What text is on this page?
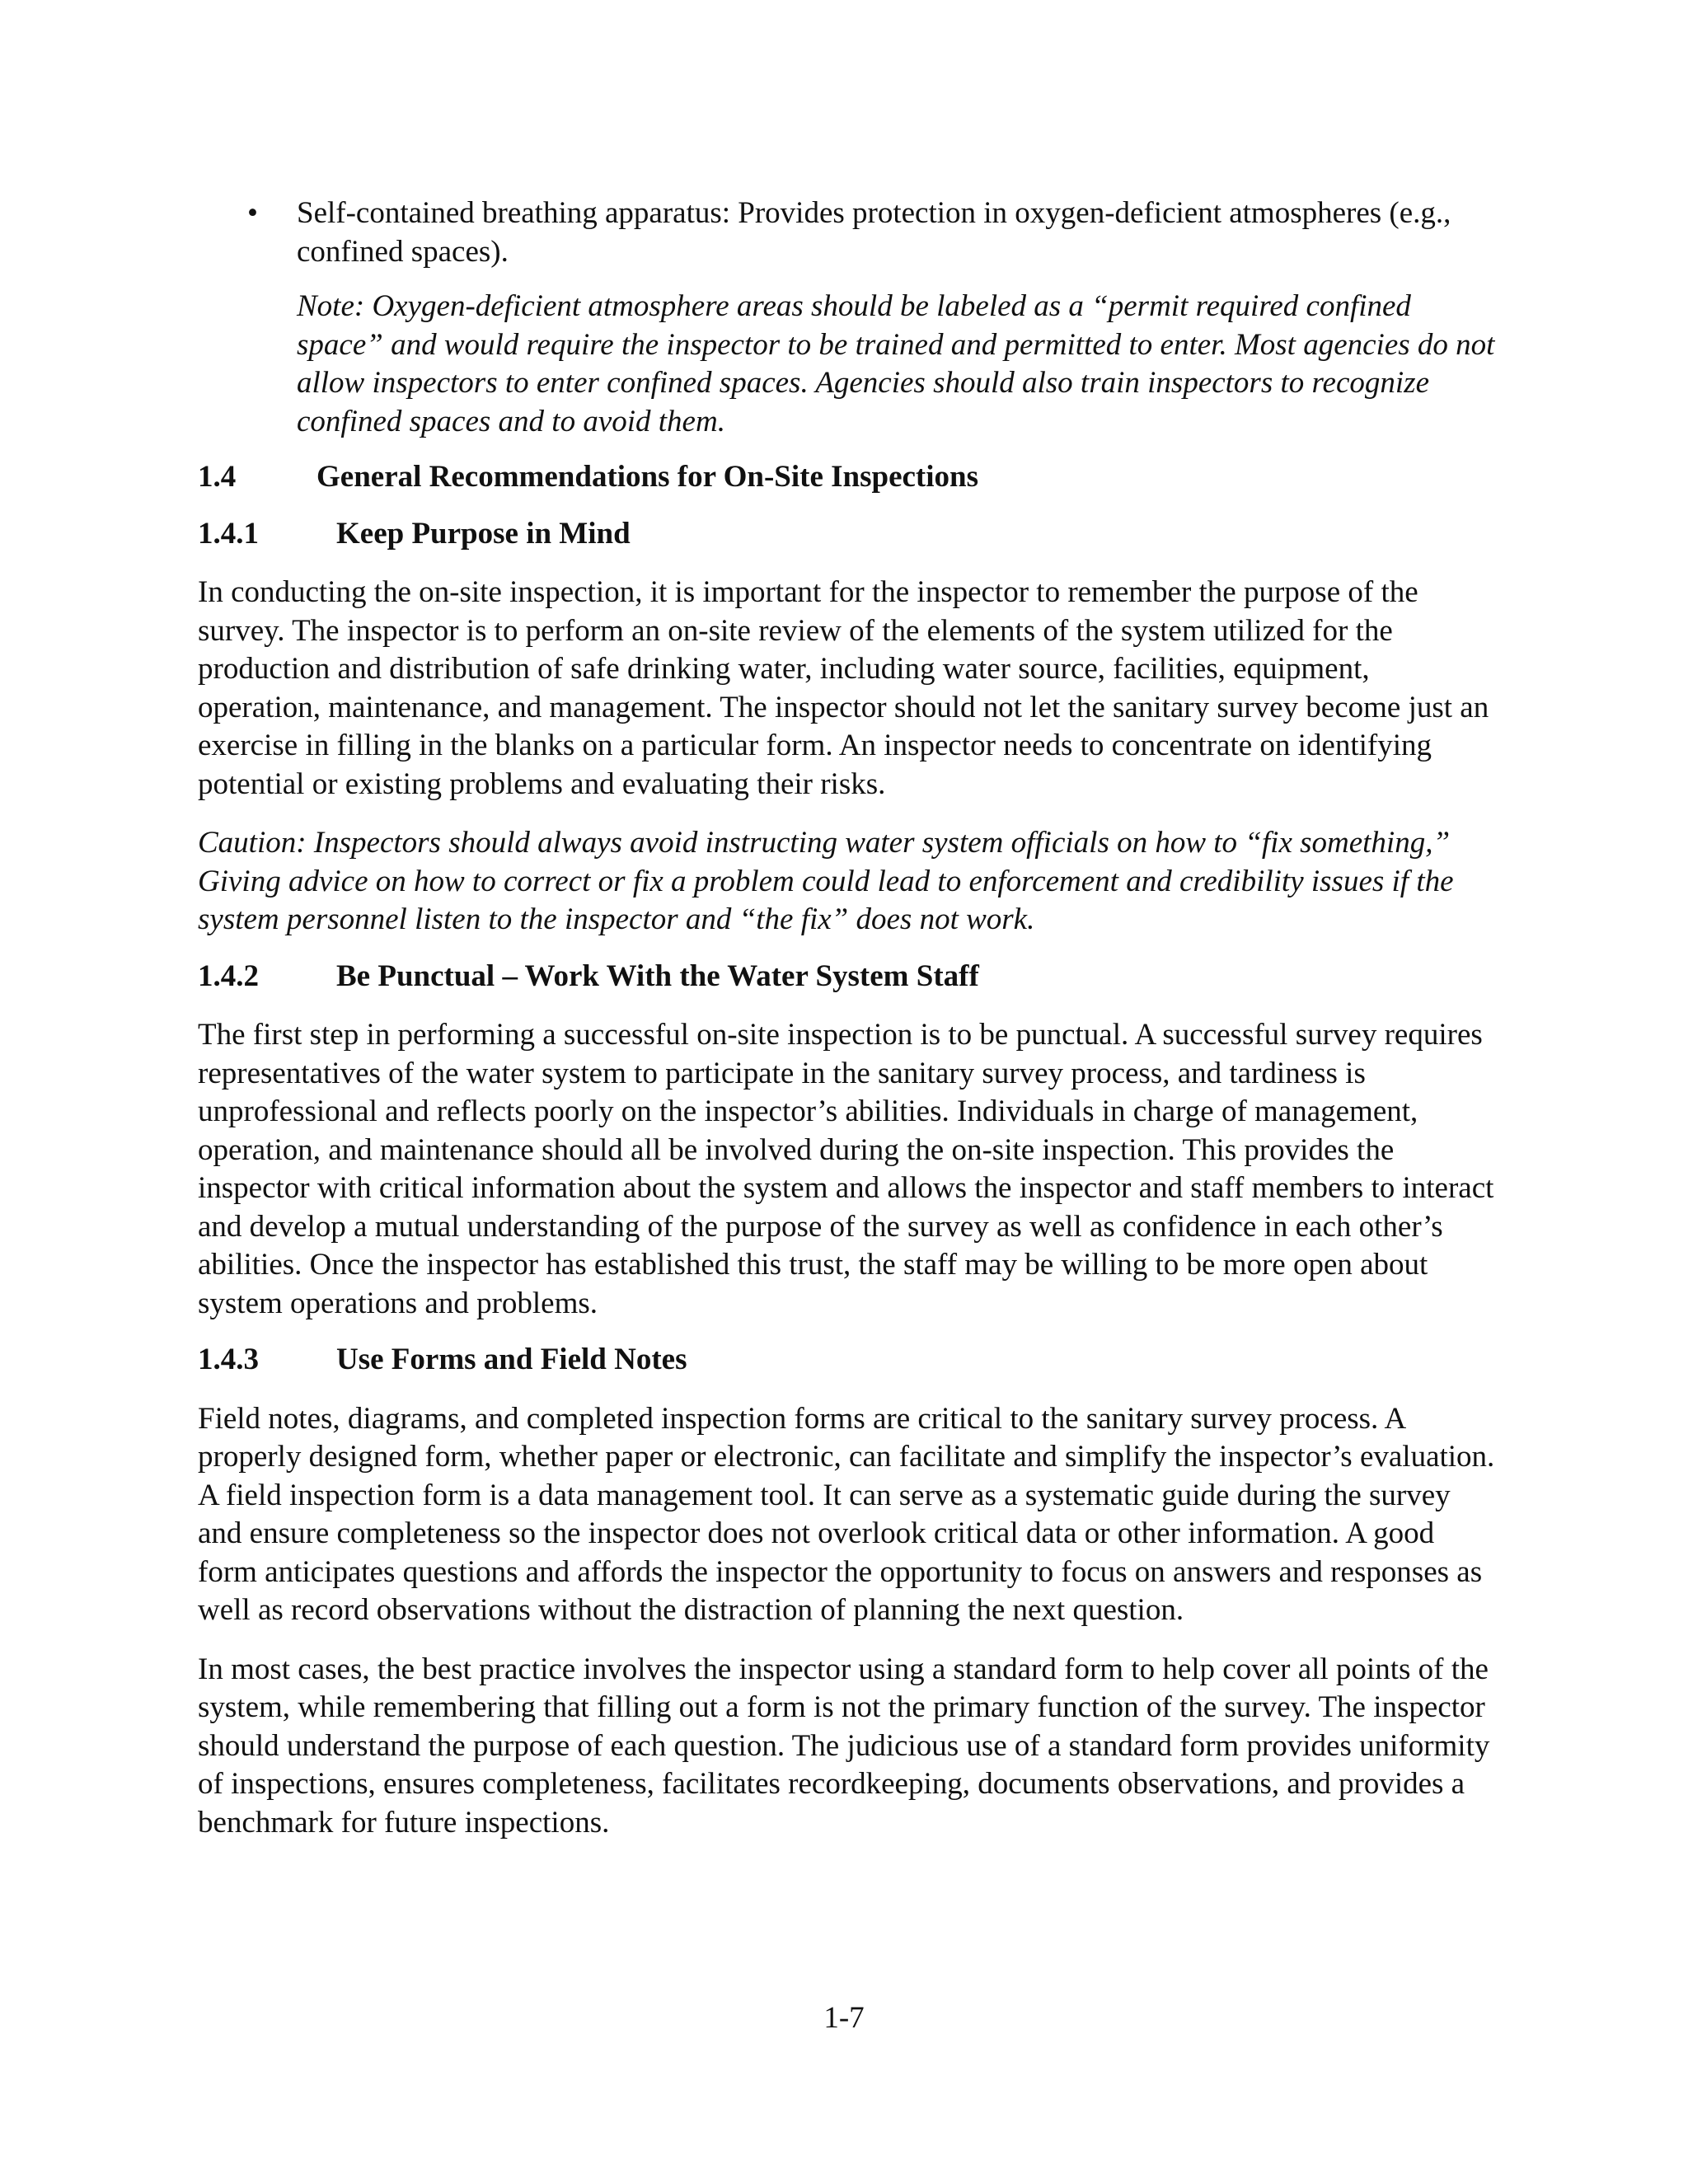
• Self-contained breathing apparatus: Provides protection in oxygen-deficient atmospheres (e.g., confined spaces).

Note: Oxygen-deficient atmosphere areas should be labeled as a “permit required confined space” and would require the inspector to be trained and permitted to enter. Most agencies do not allow inspectors to enter confined spaces. Agencies should also train inspectors to recognize confined spaces and to avoid them.

1.4	General Recommendations for On-Site Inspections
1.4.1	Keep Purpose in Mind

In conducting the on-site inspection, it is important for the inspector to remember the purpose of the survey. The inspector is to perform an on-site review of the elements of the system utilized for the production and distribution of safe drinking water, including water source, facilities, equipment, operation, maintenance, and management. The inspector should not let the sanitary survey become just an exercise in filling in the blanks on a particular form. An inspector needs to concentrate on identifying potential or existing problems and evaluating their risks.

Caution: Inspectors should always avoid instructing water system officials on how to “fix something,” Giving advice on how to correct or fix a problem could lead to enforcement and credibility issues if the system personnel listen to the inspector and “the fix” does not work.

1.4.2	Be Punctual – Work With the Water System Staff

The first step in performing a successful on-site inspection is to be punctual. A successful survey requires representatives of the water system to participate in the sanitary survey process, and tardiness is unprofessional and reflects poorly on the inspector’s abilities. Individuals in charge of management, operation, and maintenance should all be involved during the on-site inspection. This provides the inspector with critical information about the system and allows the inspector and staff members to interact and develop a mutual understanding of the purpose of the survey as well as confidence in each other’s abilities. Once the inspector has established this trust, the staff may be willing to be more open about system operations and problems.

1.4.3	Use Forms and Field Notes

Field notes, diagrams, and completed inspection forms are critical to the sanitary survey process. A properly designed form, whether paper or electronic, can facilitate and simplify the inspector’s evaluation. A field inspection form is a data management tool. It can serve as a systematic guide during the survey and ensure completeness so the inspector does not overlook critical data or other information. A good form anticipates questions and affords the inspector the opportunity to focus on answers and responses as well as record observations without the distraction of planning the next question.

In most cases, the best practice involves the inspector using a standard form to help cover all points of the system, while remembering that filling out a form is not the primary function of the survey. The inspector should understand the purpose of each question. The judicious use of a standard form provides uniformity of inspections, ensures completeness, facilitates recordkeeping, documents observations, and provides a benchmark for future inspections.

1-7
